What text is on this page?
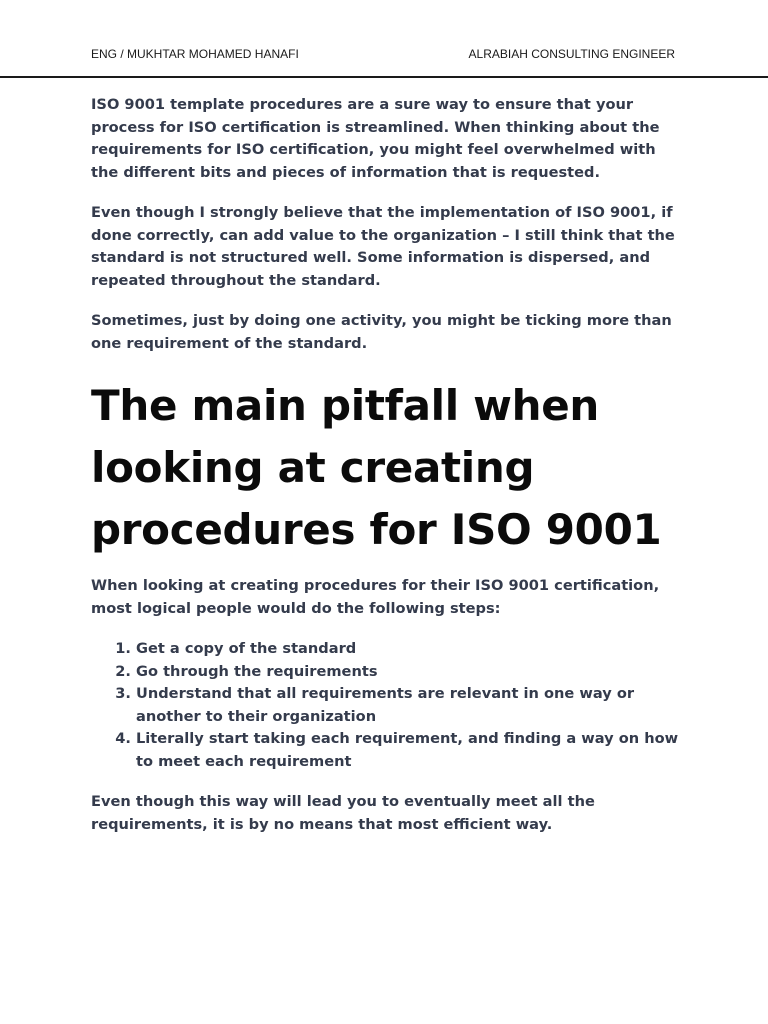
ENG / MUKHTAR MOHAMED HANAFI	ALRABIAH CONSULTING ENGINEER

ISO 9001 template procedures are a sure way to ensure that your process for ISO certification is streamlined. When thinking about the requirements for ISO certification, you might feel overwhelmed with the different bits and pieces of information that is requested.

Even though I strongly believe that the implementation of ISO 9001, if done correctly, can add value to the organization – I still think that the standard is not structured well. Some information is dispersed, and repeated throughout the standard.

Sometimes, just by doing one activity, you might be ticking more than one requirement of the standard.

The main pitfall when looking at creating procedures for ISO 9001

When looking at creating procedures for their ISO 9001 certification, most logical people would do the following steps:

1. Get a copy of the standard
2. Go through the requirements
3. Understand that all requirements are relevant in one way or another to their organization
4. Literally start taking each requirement, and finding a way on how to meet each requirement

Even though this way will lead you to eventually meet all the requirements, it is by no means that most efficient way.
